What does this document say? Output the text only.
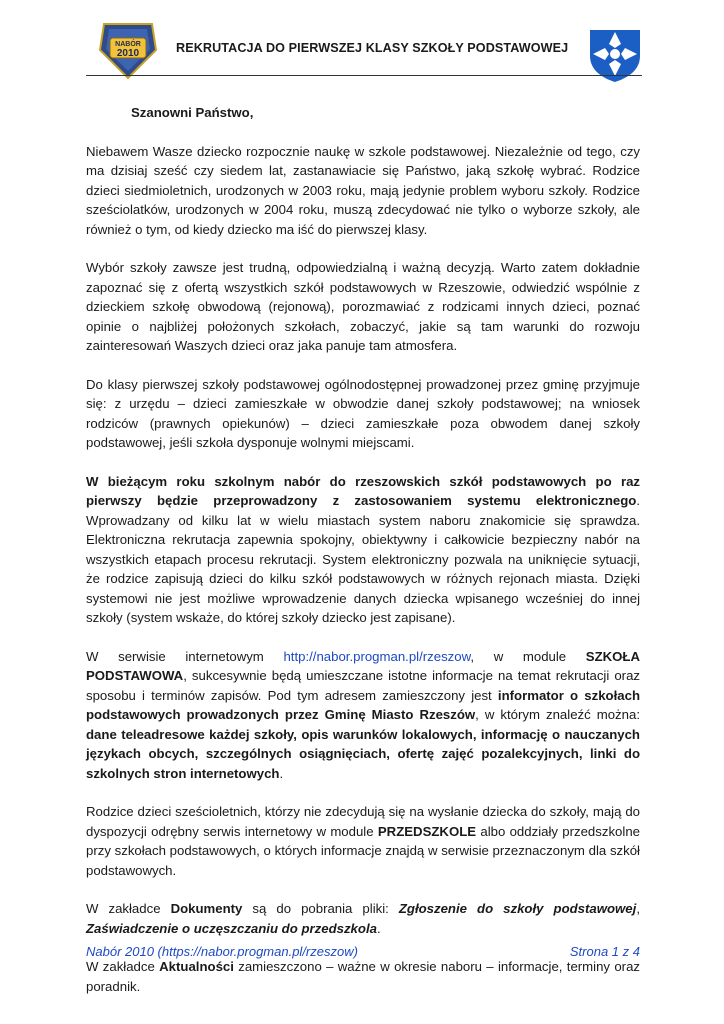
NABÓR
2010	REKRUTACJA DO PIERWSZEJ KLASY SZKOŁY PODSTAWOWEJ
Szanowni Państwo,

Niebawem Wasze dziecko rozpocznie naukę w szkole podstawowej. Niezależnie od tego, czy ma dzisiaj sześć czy siedem lat, zastanawiacie się Państwo, jaką szkołę wybrać. Rodzice dzieci siedmioletnich, urodzonych w 2003 roku, mają jedynie problem wyboru szkoły. Rodzice sześciolatków, urodzonych w 2004 roku, muszą zdecydować nie tylko o wyborze szkoły, ale również o tym, od kiedy dziecko ma iść do pierwszej klasy.

Wybór szkoły zawsze jest trudną, odpowiedzialną i ważną decyzją. Warto zatem dokładnie zapoznać się z ofertą wszystkich szkół podstawowych w Rzeszowie, odwiedzić wspólnie z dzieckiem szkołę obwodową (rejonową), porozmawiać z rodzicami innych dzieci, poznać opinie o najbliżej położonych szkołach, zobaczyć, jakie są tam warunki do rozwoju zainteresowań Waszych dzieci oraz jaka panuje tam atmosfera.

Do klasy pierwszej szkoły podstawowej ogólnodostępnej prowadzonej przez gminę przyjmuje się: z urzędu – dzieci zamieszkałe w obwodzie danej szkoły podstawowej; na wniosek rodziców (prawnych opiekunów) – dzieci zamieszkałe poza obwodem danej szkoły podstawowej, jeśli szkoła dysponuje wolnymi miejscami.

W bieżącym roku szkolnym nabór do rzeszowskich szkół podstawowych po raz pierwszy będzie przeprowadzony z zastosowaniem systemu elektronicznego. Wprowadzany od kilku lat w wielu miastach system naboru znakomicie się sprawdza. Elektroniczna rekrutacja zapewnia spokojny, obiektywny i całkowicie bezpieczny nabór na wszystkich etapach procesu rekrutacji. System elektroniczny pozwala na uniknięcie sytuacji, że rodzice zapisują dzieci do kilku szkół podstawowych w różnych rejonach miasta. Dzięki systemowi nie jest możliwe wprowadzenie danych dziecka wpisanego wcześniej do innej szkoły (system wskaże, do której szkoły dziecko jest zapisane).

W serwisie internetowym http://nabor.progman.pl/rzeszow, w module SZKOŁA PODSTAWOWA, sukcesywnie będą umieszczane istotne informacje na temat rekrutacji oraz sposobu i terminów zapisów. Pod tym adresem zamieszczony jest informator o szkołach podstawowych prowadzonych przez Gminę Miasto Rzeszów, w którym znaleźć można: dane teleadresowe każdej szkoły, opis warunków lokalowych, informację o nauczanych językach obcych, szczególnych osiągnięciach, ofertę zajęć pozalekcyjnych, linki do szkolnych stron internetowych.

Rodzice dzieci sześcioletnich, którzy nie zdecydują się na wysłanie dziecka do szkoły, mają do dyspozycji odrębny serwis internetowy w module PRZEDSZKOLE albo oddziały przedszkolne przy szkołach podstawowych, o których informacje znajdą w serwisie przeznaczonym dla szkół podstawowych.

W zakładce Dokumenty są do pobrania pliki: Zgłoszenie do szkoły podstawowej, Zaświadczenie o uczęszczaniu do przedszkola.

W zakładce Aktualności zamieszczono – ważne w okresie naboru – informacje, terminy oraz poradnik.

Nabór 2010 (https://nabor.progman.pl/rzeszow)	Strona 1 z 4
